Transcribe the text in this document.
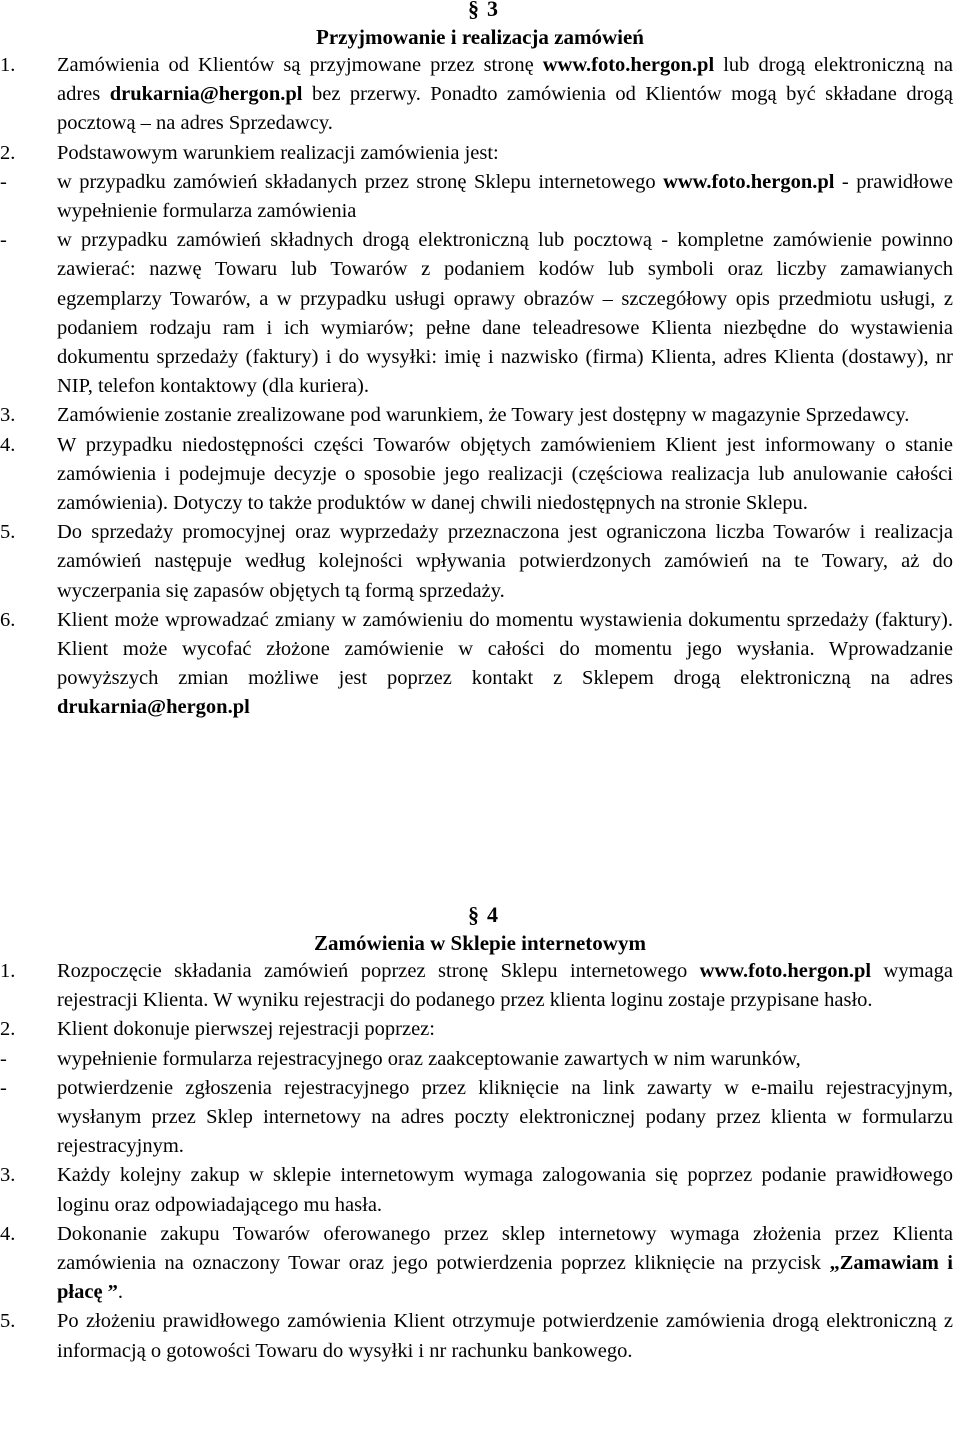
§ 3
Przyjmowanie i realizacja zamówień
1. Zamówienia od Klientów są przyjmowane przez stronę www.foto.hergon.pl lub drogą elektroniczną na adres drukarnia@hergon.pl bez przerwy. Ponadto zamówienia od Klientów mogą być składane drogą pocztową – na adres Sprzedawcy.
2. Podstawowym warunkiem realizacji zamówienia jest:
- w przypadku zamówień składanych przez stronę Sklepu internetowego www.foto.hergon.pl - prawidłowe wypełnienie formularza zamówienia
- w przypadku zamówień składnych drogą elektroniczną lub pocztową - kompletne zamówienie powinno zawierać: nazwę Towaru lub Towarów z podaniem kodów lub symboli oraz liczby zamawianych egzemplarzy Towarów, a w przypadku usługi oprawy obrazów – szczegółowy opis przedmiotu usługi, z podaniem rodzaju ram i ich wymiarów; pełne dane teleadresowe Klienta niezbędne do wystawienia dokumentu sprzedaży (faktury) i do wysyłki: imię i nazwisko (firma) Klienta, adres Klienta (dostawy), nr NIP, telefon kontaktowy (dla kuriera).
3. Zamówienie zostanie zrealizowane pod warunkiem, że Towary jest dostępny w magazynie Sprzedawcy.
4. W przypadku niedostępności części Towarów objętych zamówieniem Klient jest informowany o stanie zamówienia i podejmuje decyzje o sposobie jego realizacji (częściowa realizacja lub anulowanie całości zamówienia). Dotyczy to także produktów w danej chwili niedostępnych na stronie Sklepu.
5. Do sprzedaży promocyjnej oraz wyprzedaży przeznaczona jest ograniczona liczba Towarów i realizacja zamówień następuje według kolejności wpływania potwierdzonych zamówień na te Towary, aż do wyczerpania się zapasów objętych tą formą sprzedaży.
6. Klient może wprowadzać zmiany w zamówieniu do momentu wystawienia dokumentu sprzedaży (faktury). Klient może wycofać złożone zamówienie w całości do momentu jego wysłania. Wprowadzanie powyższych zmian możliwe jest poprzez kontakt z Sklepem drogą elektroniczną na adres drukarnia@hergon.pl
§ 4
Zamówienia w Sklepie internetowym
1. Rozpoczęcie składania zamówień poprzez stronę Sklepu internetowego www.foto.hergon.pl wymaga rejestracji Klienta. W wyniku rejestracji do podanego przez klienta loginu zostaje przypisane hasło.
2. Klient dokonuje pierwszej rejestracji poprzez:
- wypełnienie formularza rejestracyjnego oraz zaakceptowanie zawartych w nim warunków,
- potwierdzenie zgłoszenia rejestracyjnego przez kliknięcie na link zawarty w e-mailu rejestracyjnym, wysłanym przez Sklep internetowy na adres poczty elektronicznej podany przez klienta w formularzu rejestracyjnym.
3. Każdy kolejny zakup w sklepie internetowym wymaga zalogowania się poprzez podanie prawidłowego loginu oraz odpowiadającego mu hasła.
4. Dokonanie zakupu Towarów oferowanego przez sklep internetowy wymaga złożenia przez Klienta zamówienia na oznaczony Towar oraz jego potwierdzenia poprzez kliknięcie na przycisk „Zamawiam i płacę ”.
5. Po złożeniu prawidłowego zamówienia Klient otrzymuje potwierdzenie zamówienia drogą elektroniczną z informacją o gotowości Towaru do wysyłki i nr rachunku bankowego.
